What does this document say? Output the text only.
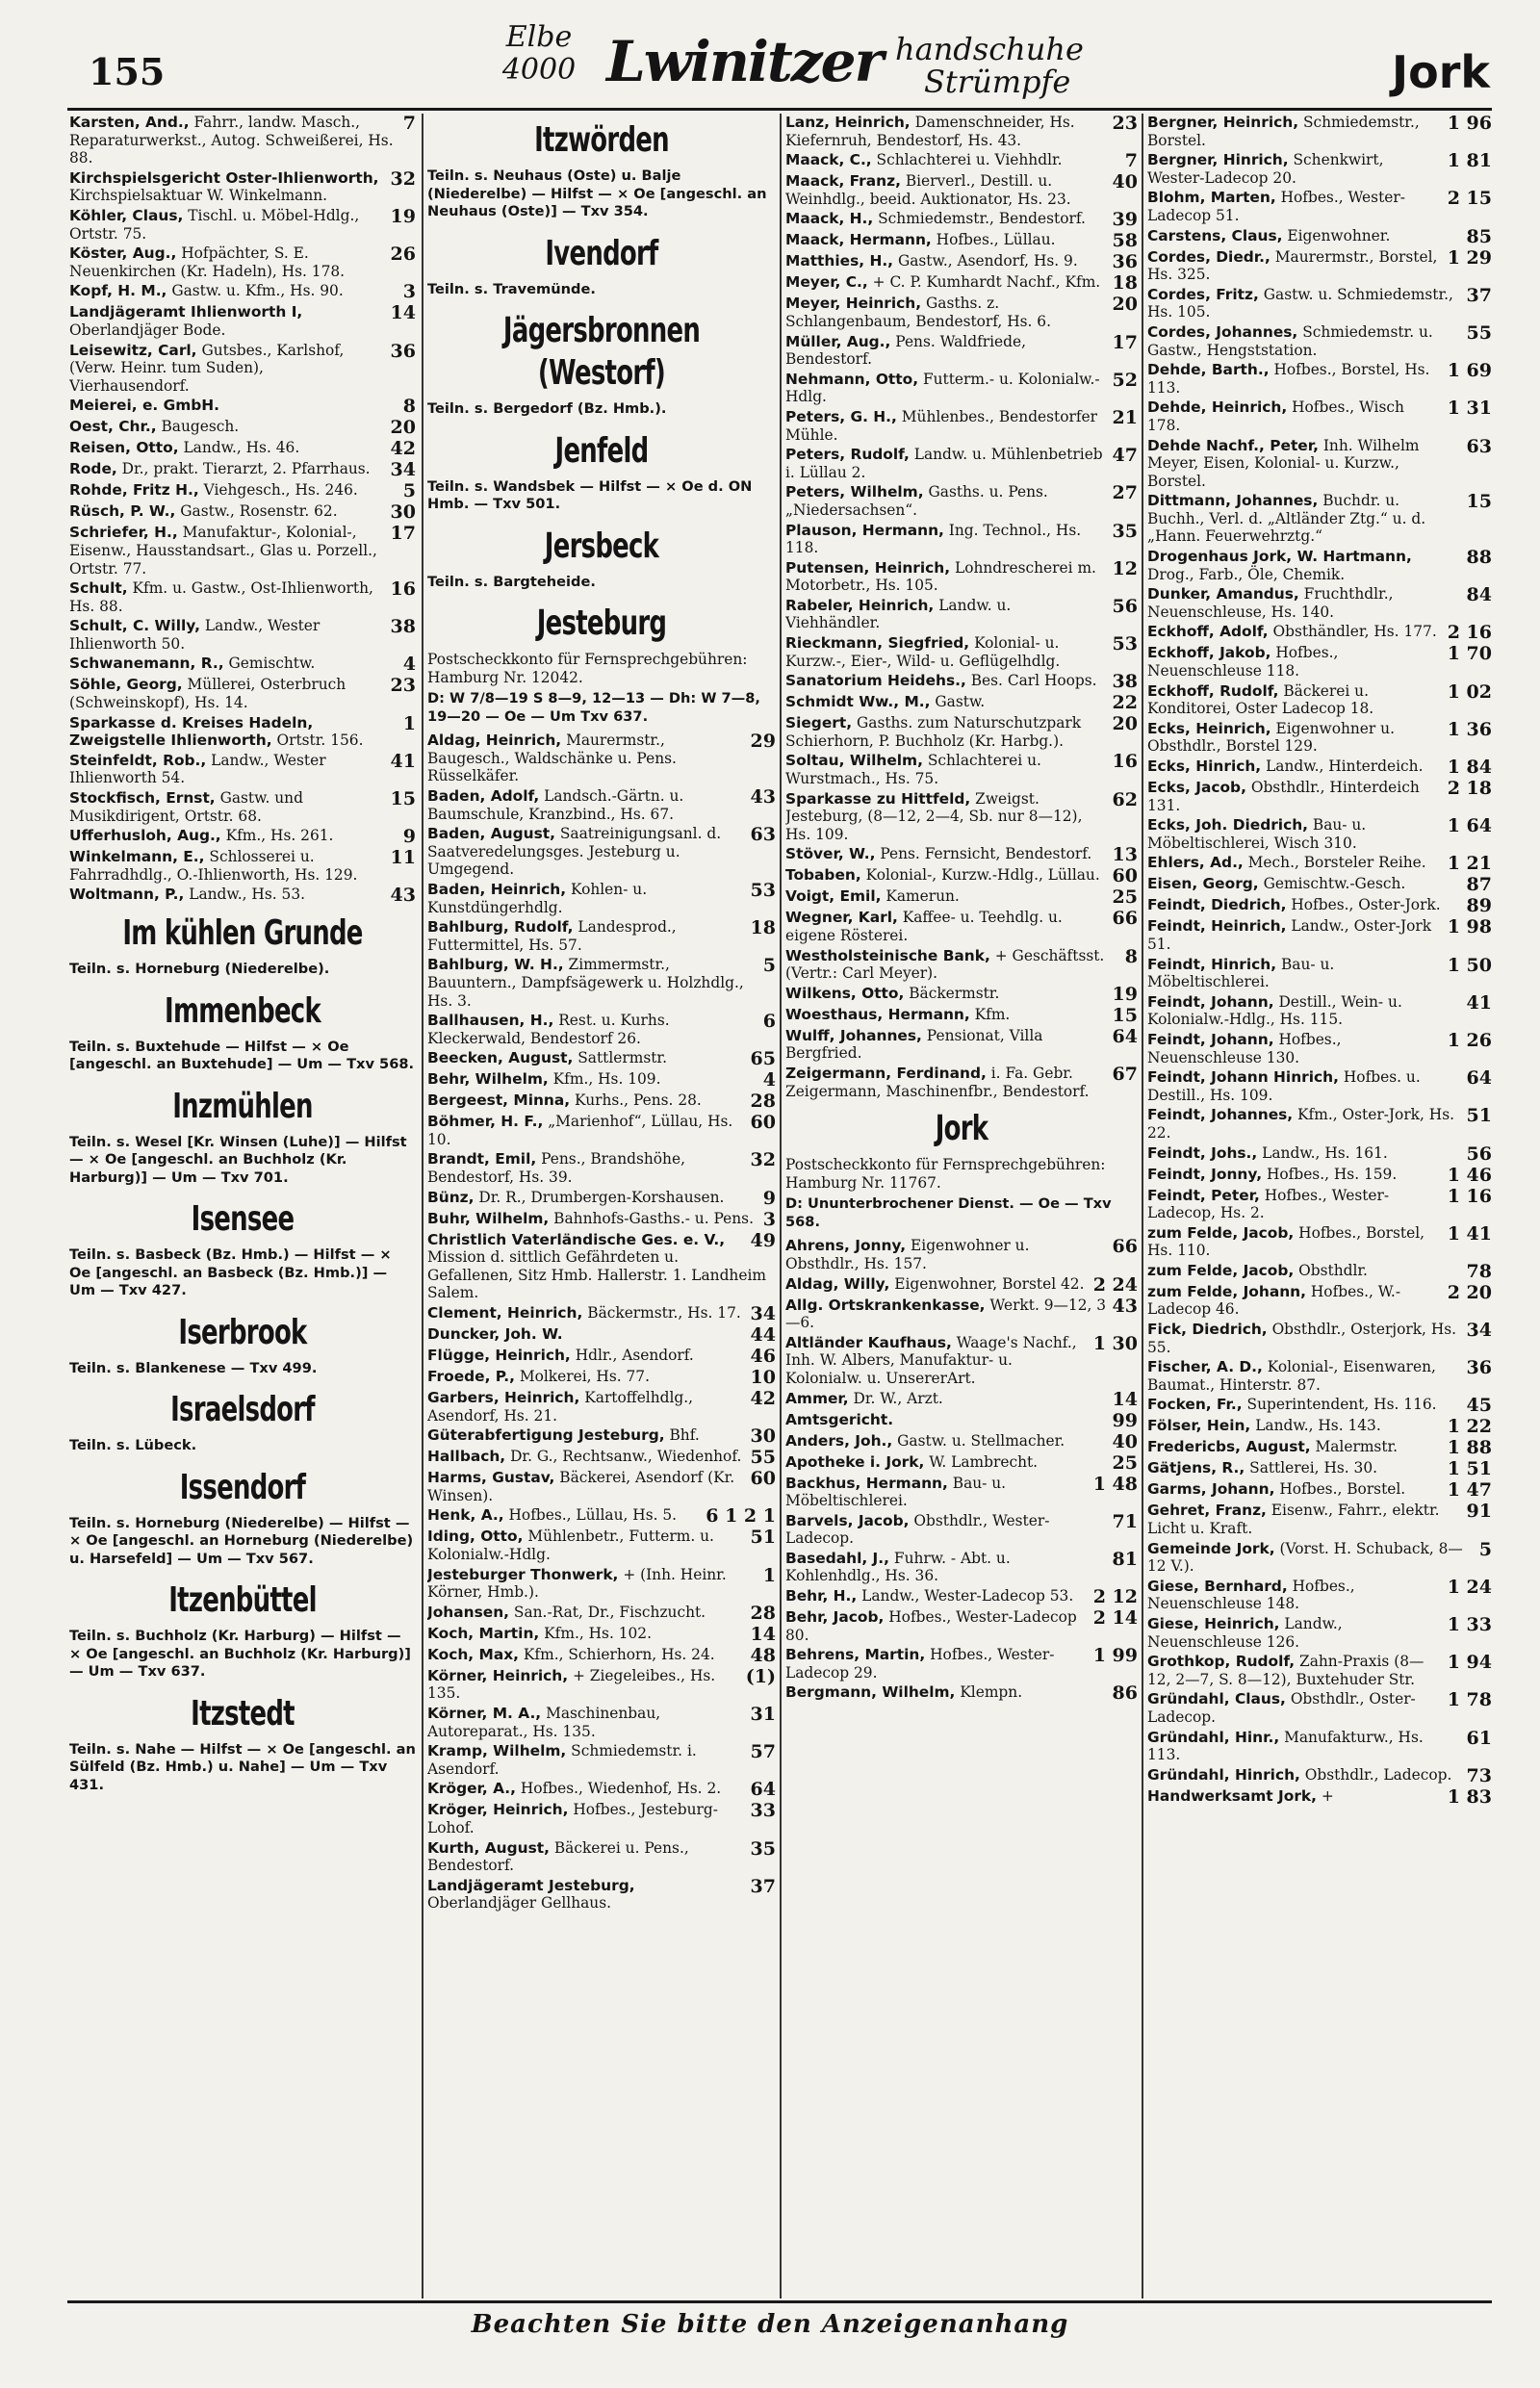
155
Elbe
4000 Lwinitzer handschuhe
Strümpfe	Jork
7
Karsten, And., Fahrr., landw. Masch., Reparaturwerkst., Autog. Schweißerei, Hs. 88.
32
Kirchspielsgericht Oster-Ihlienworth, Kirchspielsaktuar W. Winkelmann.
19
Köhler, Claus, Tischl. u. Möbel-Hdlg., Ortstr. 75.
26
Köster, Aug., Hofpächter, S. E. Neuenkirchen (Kr. Hadeln), Hs. 178.
3
Kopf, H. M., Gastw. u. Kfm., Hs. 90.
14
Landjägeramt Ihlienworth I, Oberlandjäger Bode.
36
Leisewitz, Carl, Gutsbes., Karlshof, (Verw. Heinr. tum Suden), Vierhausendorf.
8
Meierei, e. GmbH.
20
Oest, Chr., Baugesch.
42
Reisen, Otto, Landw., Hs. 46.
34
Rode, Dr., prakt. Tierarzt, 2. Pfarrhaus.
5
Rohde, Fritz H., Viehgesch., Hs. 246.
30
Rüsch, P. W., Gastw., Rosenstr. 62.
17
Schriefer, H., Manufaktur-, Kolonial-, Eisenw., Hausstandsart., Glas u. Porzell., Ortstr. 77.
16
Schult, Kfm. u. Gastw., Ost-Ihlienworth, Hs. 88.
38
Schult, C. Willy, Landw., Wester Ihlienworth 50.
4
Schwanemann, R., Gemischtw.
23
Söhle, Georg, Müllerei, Osterbruch (Schweinskopf), Hs. 14.
1
Sparkasse d. Kreises Hadeln, Zweigstelle Ihlienworth, Ortstr. 156.
41
Steinfeldt, Rob., Landw., Wester Ihlienworth 54.
15
Stockfisch, Ernst, Gastw. und Musikdirigent, Ortstr. 68.
9
Ufferhusloh, Aug., Kfm., Hs. 261.
11
Winkelmann, E., Schlosserei u. Fahrradhdlg., O.-Ihlienworth, Hs. 129.
43
Woltmann, P., Landw., Hs. 53.
Im kühlen Grunde
Teiln. s. Horneburg (Niederelbe).
Immenbeck
Teiln. s. Buxtehude — Hilfst — × Oe [angeschl. an Buxtehude] — Um — Txv 568.
Inzmühlen
Teiln. s. Wesel [Kr. Winsen (Luhe)] — Hilfst — × Oe [angeschl. an Buchholz (Kr. Harburg)] — Um — Txv 701.
Isensee
Teiln. s. Basbeck (Bz. Hmb.) — Hilfst — × Oe [angeschl. an Basbeck (Bz. Hmb.)] — Um — Txv 427.
Iserbrook
Teiln. s. Blankenese — Txv 499.
Israelsdorf
Teiln. s. Lübeck.
Issendorf
Teiln. s. Horneburg (Niederelbe) — Hilfst — × Oe [angeschl. an Horneburg (Niederelbe) u. Harsefeld] — Um — Txv 567.
Itzenbüttel
Teiln. s. Buchholz (Kr. Harburg) — Hilfst — × Oe [angeschl. an Buchholz (Kr. Harburg)] — Um — Txv 637.
Itzstedt
Teiln. s. Nahe — Hilfst — × Oe [angeschl. an Sülfeld (Bz. Hmb.) u. Nahe] — Um — Txv 431.
Itzwörden
Teiln. s. Neuhaus (Oste) u. Balje (Niederelbe) — Hilfst — × Oe [angeschl. an Neuhaus (Oste)] — Txv 354.
Ivendorf
Teiln. s. Travemünde.
Jägersbronnen (Westorf)
Teiln. s. Bergedorf (Bz. Hmb.).
Jenfeld
Teiln. s. Wandsbek — Hilfst — × Oe d. ON Hmb. — Txv 501.
Jersbeck
Teiln. s. Bargteheide.
Jesteburg
Postscheckkonto für Fernsprechgebühren: Hamburg Nr. 12042.
D: W 7/8—19 S 8—9, 12—13 — Dh: W 7—8, 19—20 — Oe — Um Txv 637.
29
Aldag, Heinrich, Maurermstr., Baugesch., Waldschänke u. Pens. Rüsselkäfer.
43
Baden, Adolf, Landsch.-Gärtn. u. Baumschule, Kranzbind., Hs. 67.
63
Baden, August, Saatreinigungsanl. d. Saatveredelungsges. Jesteburg u. Umgegend.
53
Baden, Heinrich, Kohlen- u. Kunstdüngerhdlg.
18
Bahlburg, Rudolf, Landesprod., Futtermittel, Hs. 57.
5
Bahlburg, W. H., Zimmermstr., Bauuntern., Dampfsägewerk u. Holzhdlg., Hs. 3.
6
Ballhausen, H., Rest. u. Kurhs. Kleckerwald, Bendestorf 26.
65
Beecken, August, Sattlermstr.
4
Behr, Wilhelm, Kfm., Hs. 109.
28
Bergeest, Minna, Kurhs., Pens. 28.
60
Böhmer, H. F., „Marienhof“, Lüllau, Hs. 10.
32
Brandt, Emil, Pens., Brandshöhe, Bendestorf, Hs. 39.
9
Bünz, Dr. R., Drumbergen-Korshausen.
3
Buhr, Wilhelm, Bahnhofs-Gasths.- u. Pens.
49
Christlich Vaterländische Ges. e. V., Mission d. sittlich Gefährdeten u. Gefallenen, Sitz Hmb. Hallerstr. 1. Landheim Salem.
34
Clement, Heinrich, Bäckermstr., Hs. 17.
44
Duncker, Joh. W.
46
Flügge, Heinrich, Hdlr., Asendorf.
10
Froede, P., Molkerei, Hs. 77.
42
Garbers, Heinrich, Kartoffelhdlg., Asendorf, Hs. 21.
30
Güterabfertigung Jesteburg, Bhf.
55
Hallbach, Dr. G., Rechtsanw., Wiedenhof.
60
Harms, Gustav, Bäckerei, Asendorf (Kr. Winsen).
6 1 2 1
Henk, A., Hofbes., Lüllau, Hs. 5.
51
Iding, Otto, Mühlenbetr., Futterm. u. Kolonialw.-Hdlg.
1
Jesteburger Thonwerk, + (Inh. Heinr. Körner, Hmb.).
28
Johansen, San.-Rat, Dr., Fischzucht.
14
Koch, Martin, Kfm., Hs. 102.
48
Koch, Max, Kfm., Schierhorn, Hs. 24.
(1)
Körner, Heinrich, + Ziegeleibes., Hs. 135.
31
Körner, M. A., Maschinenbau, Autoreparat., Hs. 135.
57
Kramp, Wilhelm, Schmiedemstr. i. Asendorf.
64
Kröger, A., Hofbes., Wiedenhof, Hs. 2.
33
Kröger, Heinrich, Hofbes., Jesteburg-Lohof.
35
Kurth, August, Bäckerei u. Pens., Bendestorf.
37
Landjägeramt Jesteburg, Oberlandjäger Gellhaus.
23
Lanz, Heinrich, Damenschneider, Hs. Kiefernruh, Bendestorf, Hs. 43.
7
Maack, C., Schlachterei u. Viehhdlr.
40
Maack, Franz, Bierverl., Destill. u. Weinhdlg., beeid. Auktionator, Hs. 23.
39
Maack, H., Schmiedemstr., Bendestorf.
58
Maack, Hermann, Hofbes., Lüllau.
36
Matthies, H., Gastw., Asendorf, Hs. 9.
18
Meyer, C., + C. P. Kumhardt Nachf., Kfm.
20
Meyer, Heinrich, Gasths. z. Schlangenbaum, Bendestorf, Hs. 6.
17
Müller, Aug., Pens. Waldfriede, Bendestorf.
52
Nehmann, Otto, Futterm.- u. Kolonialw.-Hdlg.
21
Peters, G. H., Mühlenbes., Bendestorfer Mühle.
47
Peters, Rudolf, Landw. u. Mühlenbetrieb i. Lüllau 2.
27
Peters, Wilhelm, Gasths. u. Pens. „Niedersachsen“.
35
Plauson, Hermann, Ing. Technol., Hs. 118.
12
Putensen, Heinrich, Lohndrescherei m. Motorbetr., Hs. 105.
56
Rabeler, Heinrich, Landw. u. Viehhändler.
53
Rieckmann, Siegfried, Kolonial- u. Kurzw.-, Eier-, Wild- u. Geflügelhdlg.
38
Sanatorium Heidehs., Bes. Carl Hoops.
22
Schmidt Ww., M., Gastw.
20
Siegert, Gasths. zum Naturschutzpark Schierhorn, P. Buchholz (Kr. Harbg.).
16
Soltau, Wilhelm, Schlachterei u. Wurstmach., Hs. 75.
62
Sparkasse zu Hittfeld, Zweigst. Jesteburg, (8—12, 2—4, Sb. nur 8—12), Hs. 109.
13
Stöver, W., Pens. Fernsicht, Bendestorf.
60
Tobaben, Kolonial-, Kurzw.-Hdlg., Lüllau.
25
Voigt, Emil, Kamerun.
66
Wegner, Karl, Kaffee- u. Teehdlg. u. eigene Rösterei.
8
Westholsteinische Bank, + Geschäftsst. (Vertr.: Carl Meyer).
19
Wilkens, Otto, Bäckermstr.
15
Woesthaus, Hermann, Kfm.
64
Wulff, Johannes, Pensionat, Villa Bergfried.
67
Zeigermann, Ferdinand, i. Fa. Gebr. Zeigermann, Maschinenfbr., Bendestorf.
Jork
Postscheckkonto für Fernsprechgebühren: Hamburg Nr. 11767.
D: Ununterbrochener Dienst. — Oe — Txv 568.
66
Ahrens, Jonny, Eigenwohner u. Obsthdlr., Hs. 157.
2 24
Aldag, Willy, Eigenwohner, Borstel 42.
43
Allg. Ortskrankenkasse, Werkt. 9—12, 3—6.
1 30
Altländer Kaufhaus, Waage's Nachf., Inh. W. Albers, Manufaktur- u. Kolonialw. u. UnsererArt.
14
Ammer, Dr. W., Arzt.
99
Amtsgericht.
40
Anders, Joh., Gastw. u. Stellmacher.
25
Apotheke i. Jork, W. Lambrecht.
1 48
Backhus, Hermann, Bau- u. Möbeltischlerei.
71
Barvels, Jacob, Obsthdlr., Wester-Ladecop.
81
Basedahl, J., Fuhrw. - Abt. u. Kohlenhdlg., Hs. 36.
2 12
Behr, H., Landw., Wester-Ladecop 53.
2 14
Behr, Jacob, Hofbes., Wester-Ladecop 80.
1 99
Behrens, Martin, Hofbes., Wester-Ladecop 29.
86
Bergmann, Wilhelm, Klempn.
1 96
Bergner, Heinrich, Schmiedemstr., Borstel.
1 81
Bergner, Hinrich, Schenkwirt, Wester-Ladecop 20.
2 15
Blohm, Marten, Hofbes., Wester-Ladecop 51.
85
Carstens, Claus, Eigenwohner.
1 29
Cordes, Diedr., Maurermstr., Borstel, Hs. 325.
37
Cordes, Fritz, Gastw. u. Schmiedemstr., Hs. 105.
55
Cordes, Johannes, Schmiedemstr. u. Gastw., Hengststation.
1 69
Dehde, Barth., Hofbes., Borstel, Hs. 113.
1 31
Dehde, Heinrich, Hofbes., Wisch 178.
63
Dehde Nachf., Peter, Inh. Wilhelm Meyer, Eisen, Kolonial- u. Kurzw., Borstel.
15
Dittmann, Johannes, Buchdr. u. Buchh., Verl. d. „Altländer Ztg.“ u. d. „Hann. Feuerwehrztg.“
88
Drogenhaus Jork, W. Hartmann, Drog., Farb., Öle, Chemik.
84
Dunker, Amandus, Fruchthdlr., Neuenschleuse, Hs. 140.
2 16
Eckhoff, Adolf, Obsthändler, Hs. 177.
1 70
Eckhoff, Jakob, Hofbes., Neuenschleuse 118.
1 02
Eckhoff, Rudolf, Bäckerei u. Konditorei, Oster Ladecop 18.
1 36
Ecks, Heinrich, Eigenwohner u. Obsthdlr., Borstel 129.
1 84
Ecks, Hinrich, Landw., Hinterdeich.
2 18
Ecks, Jacob, Obsthdlr., Hinterdeich 131.
1 64
Ecks, Joh. Diedrich, Bau- u. Möbeltischlerei, Wisch 310.
1 21
Ehlers, Ad., Mech., Borsteler Reihe.
87
Eisen, Georg, Gemischtw.-Gesch.
89
Feindt, Diedrich, Hofbes., Oster-Jork.
1 98
Feindt, Heinrich, Landw., Oster-Jork 51.
1 50
Feindt, Hinrich, Bau- u. Möbeltischlerei.
41
Feindt, Johann, Destill., Wein- u. Kolonialw.-Hdlg., Hs. 115.
1 26
Feindt, Johann, Hofbes., Neuenschleuse 130.
64
Feindt, Johann Hinrich, Hofbes. u. Destill., Hs. 109.
51
Feindt, Johannes, Kfm., Oster-Jork, Hs. 22.
56
Feindt, Johs., Landw., Hs. 161.
1 46
Feindt, Jonny, Hofbes., Hs. 159.
1 16
Feindt, Peter, Hofbes., Wester-Ladecop, Hs. 2.
1 41
zum Felde, Jacob, Hofbes., Borstel, Hs. 110.
78
zum Felde, Jacob, Obsthdlr.
2 20
zum Felde, Johann, Hofbes., W.-Ladecop 46.
34
Fick, Diedrich, Obsthdlr., Osterjork, Hs. 55.
36
Fischer, A. D., Kolonial-, Eisenwaren, Baumat., Hinterstr. 87.
45
Focken, Fr., Superintendent, Hs. 116.
1 22
Fölser, Hein, Landw., Hs. 143.
1 88
Fredericbs, August, Malermstr.
1 51
Gätjens, R., Sattlerei, Hs. 30.
1 47
Garms, Johann, Hofbes., Borstel.
91
Gehret, Franz, Eisenw., Fahrr., elektr. Licht u. Kraft.
5
Gemeinde Jork, (Vorst. H. Schuback, 8—12 V.).
1 24
Giese, Bernhard, Hofbes., Neuenschleuse 148.
1 33
Giese, Heinrich, Landw., Neuenschleuse 126.
1 94
Grothkop, Rudolf, Zahn-Praxis (8—12, 2—7, S. 8—12), Buxtehuder Str.
1 78
Gründahl, Claus, Obsthdlr., Oster-Ladecop.
61
Gründahl, Hinr., Manufakturw., Hs. 113.
73
Gründahl, Hinrich, Obsthdlr., Ladecop.
1 83
Handwerksamt Jork, +
Beachten Sie bitte den Anzeigenanhang
